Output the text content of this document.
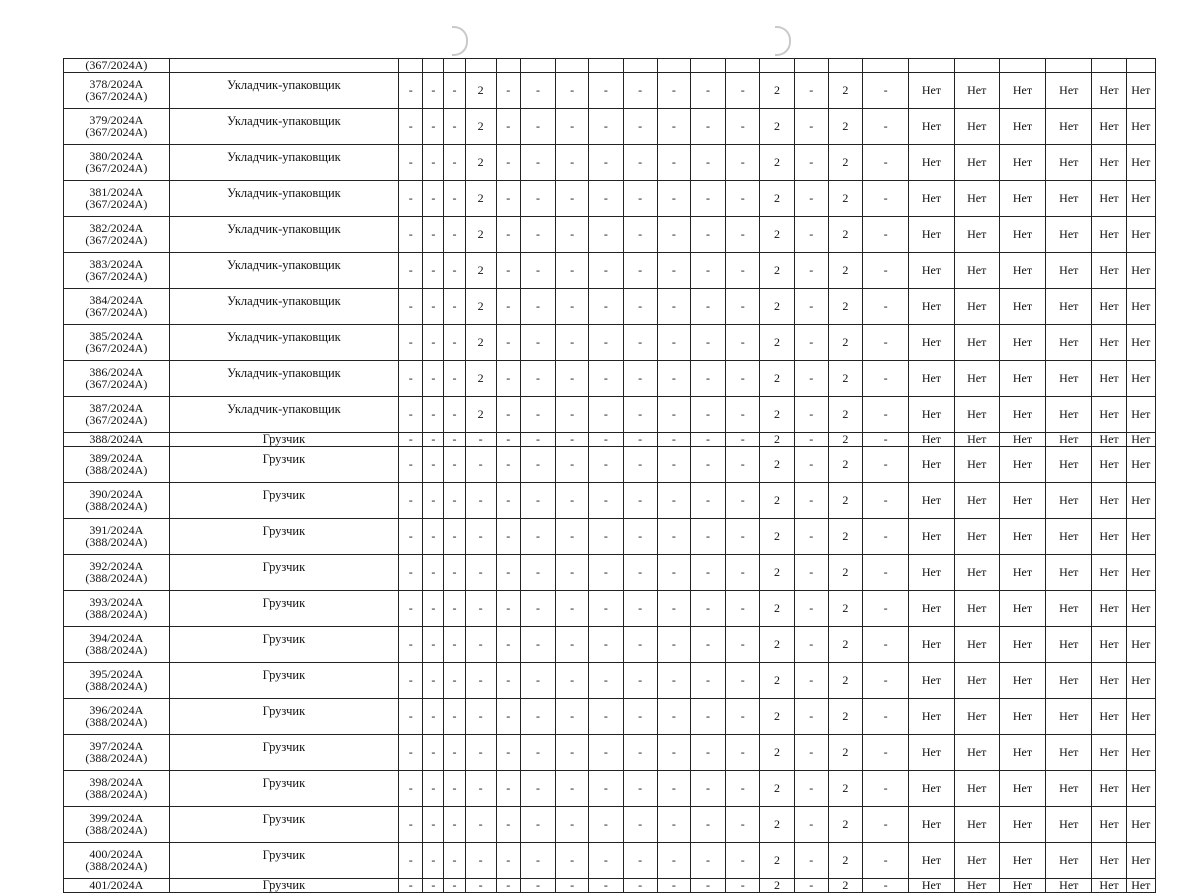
(367/2024А)																							

378/2024А
(367/2024А)	Укладчик-упаковщик	-	-	-	2	-	-	-	-	-	-	-	-	2	-	2	-	Нет	Нет	Нет	Нет	Нет	Нет

379/2024А
(367/2024А)	Укладчик-упаковщик	-	-	-	2	-	-	-	-	-	-	-	-	2	-	2	-	Нет	Нет	Нет	Нет	Нет	Нет

380/2024А
(367/2024А)	Укладчик-упаковщик	-	-	-	2	-	-	-	-	-	-	-	-	2	-	2	-	Нет	Нет	Нет	Нет	Нет	Нет

381/2024А
(367/2024А)	Укладчик-упаковщик	-	-	-	2	-	-	-	-	-	-	-	-	2	-	2	-	Нет	Нет	Нет	Нет	Нет	Нет

382/2024А
(367/2024А)	Укладчик-упаковщик	-	-	-	2	-	-	-	-	-	-	-	-	2	-	2	-	Нет	Нет	Нет	Нет	Нет	Нет

383/2024А
(367/2024А)	Укладчик-упаковщик	-	-	-	2	-	-	-	-	-	-	-	-	2	-	2	-	Нет	Нет	Нет	Нет	Нет	Нет

384/2024А
(367/2024А)	Укладчик-упаковщик	-	-	-	2	-	-	-	-	-	-	-	-	2	-	2	-	Нет	Нет	Нет	Нет	Нет	Нет

385/2024А
(367/2024А)	Укладчик-упаковщик	-	-	-	2	-	-	-	-	-	-	-	-	2	-	2	-	Нет	Нет	Нет	Нет	Нет	Нет

386/2024А
(367/2024А)	Укладчик-упаковщик	-	-	-	2	-	-	-	-	-	-	-	-	2	-	2	-	Нет	Нет	Нет	Нет	Нет	Нет

387/2024А
(367/2024А)	Укладчик-упаковщик	-	-	-	2	-	-	-	-	-	-	-	-	2	-	2	-	Нет	Нет	Нет	Нет	Нет	Нет

388/2024А	Грузчик	-	-	-	-	-	-	-	-	-	-	-	-	2	-	2	-	Нет	Нет	Нет	Нет	Нет	Нет

389/2024А
(388/2024А)	Грузчик	-	-	-	-	-	-	-	-	-	-	-	-	2	-	2	-	Нет	Нет	Нет	Нет	Нет	Нет

390/2024А
(388/2024А)	Грузчик	-	-	-	-	-	-	-	-	-	-	-	-	2	-	2	-	Нет	Нет	Нет	Нет	Нет	Нет

391/2024А
(388/2024А)	Грузчик	-	-	-	-	-	-	-	-	-	-	-	-	2	-	2	-	Нет	Нет	Нет	Нет	Нет	Нет

392/2024А
(388/2024А)	Грузчик	-	-	-	-	-	-	-	-	-	-	-	-	2	-	2	-	Нет	Нет	Нет	Нет	Нет	Нет

393/2024А
(388/2024А)	Грузчик	-	-	-	-	-	-	-	-	-	-	-	-	2	-	2	-	Нет	Нет	Нет	Нет	Нет	Нет

394/2024А
(388/2024А)	Грузчик	-	-	-	-	-	-	-	-	-	-	-	-	2	-	2	-	Нет	Нет	Нет	Нет	Нет	Нет

395/2024А
(388/2024А)	Грузчик	-	-	-	-	-	-	-	-	-	-	-	-	2	-	2	-	Нет	Нет	Нет	Нет	Нет	Нет

396/2024А
(388/2024А)	Грузчик	-	-	-	-	-	-	-	-	-	-	-	-	2	-	2	-	Нет	Нет	Нет	Нет	Нет	Нет

397/2024А
(388/2024А)	Грузчик	-	-	-	-	-	-	-	-	-	-	-	-	2	-	2	-	Нет	Нет	Нет	Нет	Нет	Нет

398/2024А
(388/2024А)	Грузчик	-	-	-	-	-	-	-	-	-	-	-	-	2	-	2	-	Нет	Нет	Нет	Нет	Нет	Нет

399/2024А
(388/2024А)	Грузчик	-	-	-	-	-	-	-	-	-	-	-	-	2	-	2	-	Нет	Нет	Нет	Нет	Нет	Нет

400/2024А
(388/2024А)	Грузчик	-	-	-	-	-	-	-	-	-	-	-	-	2	-	2	-	Нет	Нет	Нет	Нет	Нет	Нет

401/2024А	Грузчик	-	-	-	-	-	-	-	-	-	-	-	-	2	-	2	-	Нет	Нет	Нет	Нет	Нет	Нет
